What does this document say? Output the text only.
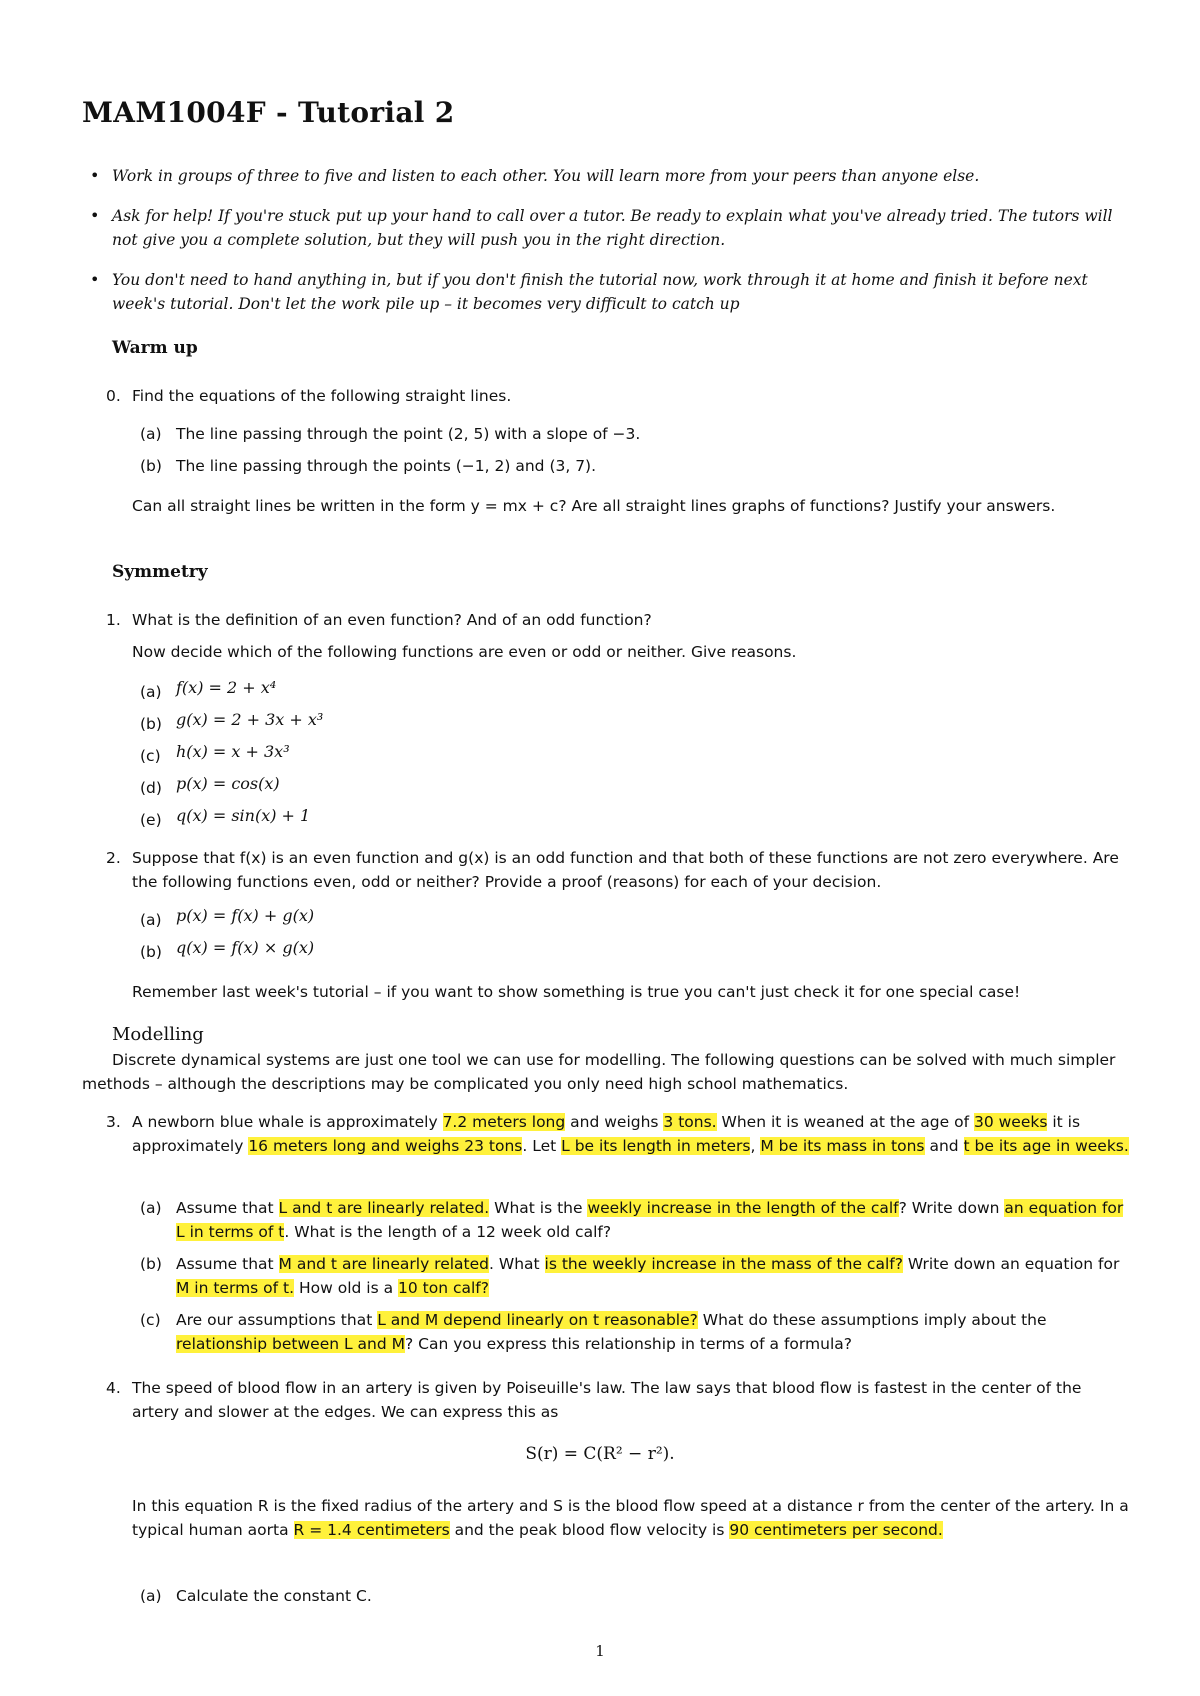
MAM1004F - Tutorial 2
• Work in groups of three to five and listen to each other. You will learn more from your peers than anyone else.
• Ask for help! If you're stuck put up your hand to call over a tutor. Be ready to explain what you've already tried. The tutors will not give you a complete solution, but they will push you in the right direction.
• You don't need to hand anything in, but if you don't finish the tutorial now, work through it at home and finish it before next week's tutorial. Don't let the work pile up – it becomes very difficult to catch up
Warm up
0. Find the equations of the following straight lines.
(a) The line passing through the point (2, 5) with a slope of −3.
(b) The line passing through the points (−1, 2) and (3, 7).
Can all straight lines be written in the form y = mx + c? Are all straight lines graphs of functions? Justify your answers.
Symmetry
1. What is the definition of an even function? And of an odd function?
Now decide which of the following functions are even or odd or neither. Give reasons.
(a) f(x) = 2 + x⁴
(b) g(x) = 2 + 3x + x³
(c) h(x) = x + 3x³
(d) p(x) = cos(x)
(e) q(x) = sin(x) + 1
2. Suppose that f(x) is an even function and g(x) is an odd function and that both of these functions are not zero everywhere. Are the following functions even, odd or neither? Provide a proof (reasons) for each of your decision.
(a) p(x) = f(x) + g(x)
(b) q(x) = f(x) × g(x)
Remember last week's tutorial – if you want to show something is true you can't just check it for one special case!
Modelling
Discrete dynamical systems are just one tool we can use for modelling. The following questions can be solved with much simpler methods – although the descriptions may be complicated you only need high school mathematics.
3. A newborn blue whale is approximately 7.2 meters long and weighs 3 tons. When it is weaned at the age of 30 weeks it is approximately 16 meters long and weighs 23 tons. Let L be its length in meters, M be its mass in tons and t be its age in weeks.
(a) Assume that L and t are linearly related. What is the weekly increase in the length of the calf? Write down an equation for L in terms of t. What is the length of a 12 week old calf?
(b) Assume that M and t are linearly related. What is the weekly increase in the mass of the calf? Write down an equation for M in terms of t. How old is a 10 ton calf?
(c) Are our assumptions that L and M depend linearly on t reasonable? What do these assumptions imply about the relationship between L and M? Can you express this relationship in terms of a formula?
4. The speed of blood flow in an artery is given by Poiseuille's law. The law says that blood flow is fastest in the center of the artery and slower at the edges. We can express this as
S(r) = C(R² − r²).
In this equation R is the fixed radius of the artery and S is the blood flow speed at a distance r from the center of the artery. In a typical human aorta R = 1.4 centimeters and the peak blood flow velocity is 90 centimeters per second.
(a) Calculate the constant C.
1
